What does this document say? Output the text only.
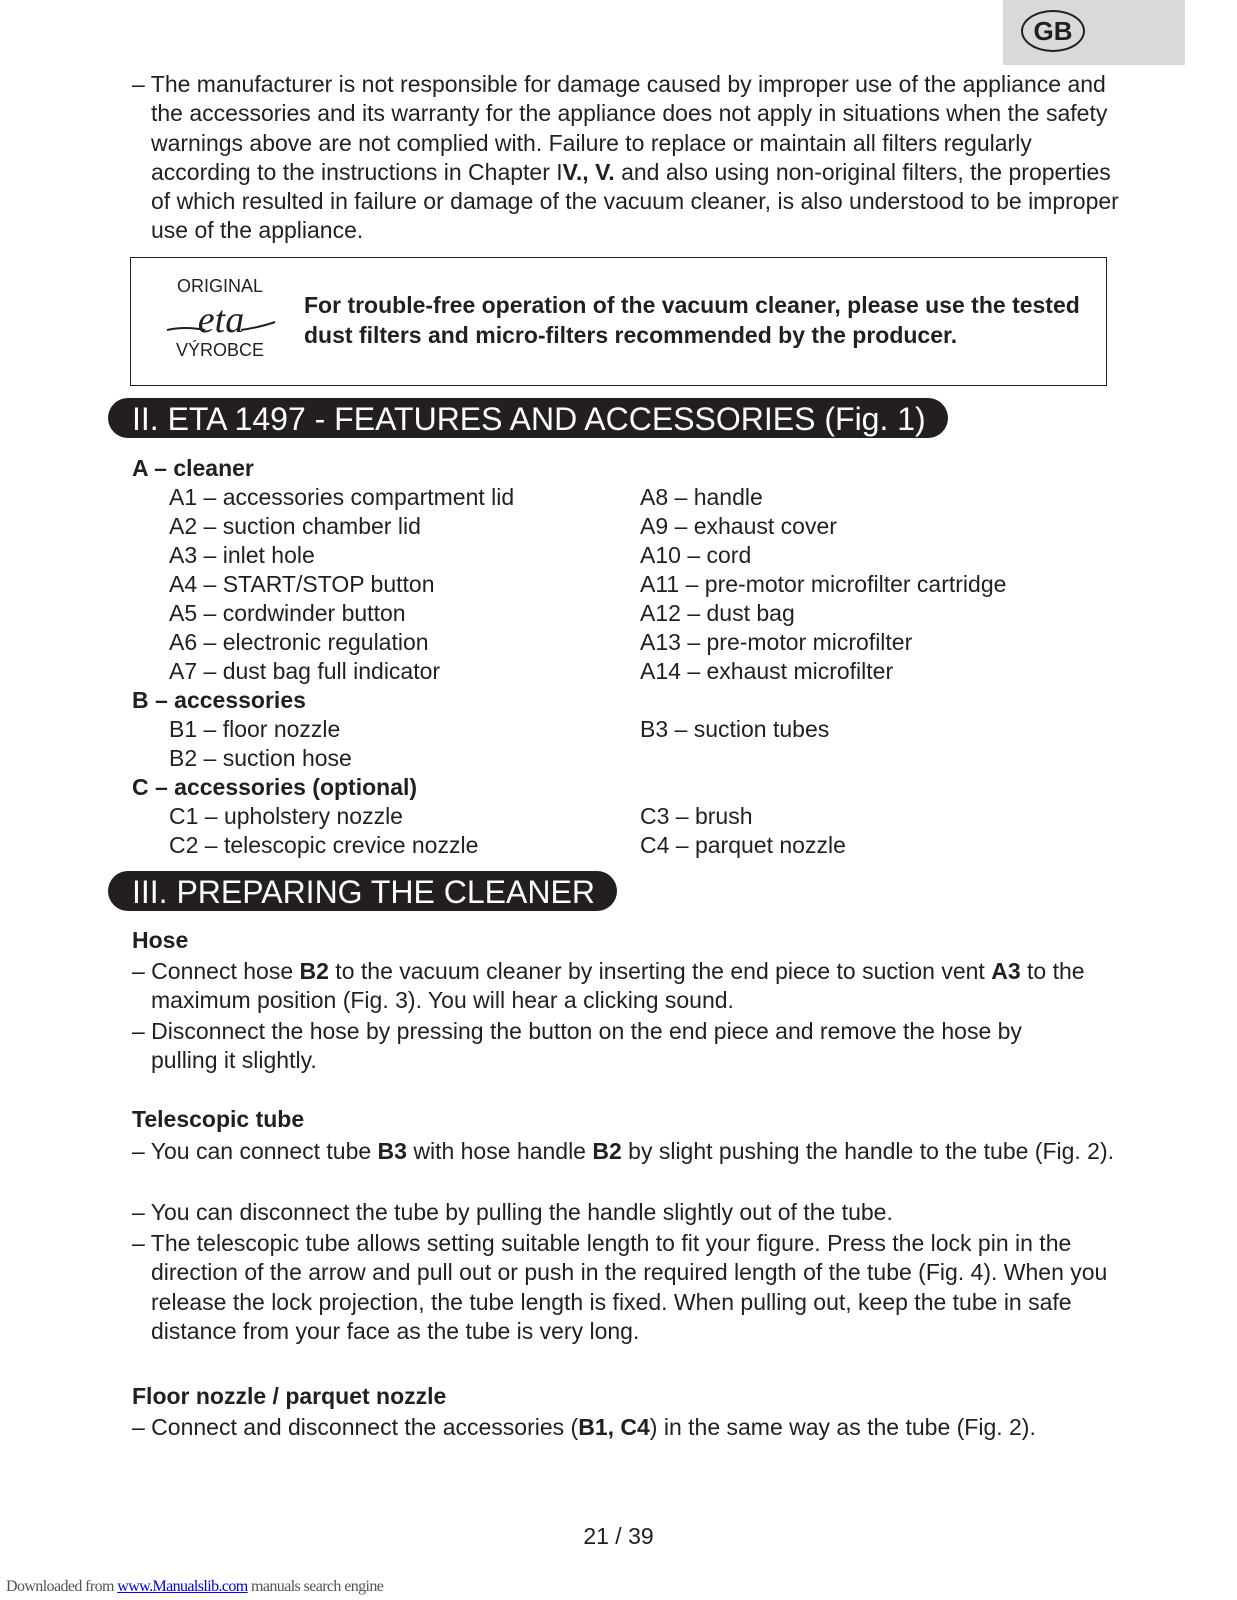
GB
– The manufacturer is not responsible for damage caused by improper use of the appliance and the accessories and its warranty for the appliance does not apply in situations when the safety warnings above are not complied with. Failure to replace or maintain all filters regularly according to the instructions in Chapter IV., V. and also using non-original filters, the properties of which resulted in failure or damage of the vacuum cleaner, is also understood to be improper use of the appliance.
ORIGINAL
eta
VÝROBCE
For trouble-free operation of the vacuum cleaner, please use the tested dust filters and micro-filters recommended by the producer.
II. ETA 1497 - FEATURES AND ACCESSORIES (Fig. 1)
A – cleaner
A1 – accessories compartment lid	A8 – handle
A2 – suction chamber lid	A9 – exhaust cover
A3 – inlet hole	A10 – cord
A4 – START/STOP button	A11 – pre-motor microfilter cartridge
A5 – cordwinder button	A12 – dust bag
A6 – electronic regulation	A13 – pre-motor microfilter
A7 – dust bag full indicator	A14 – exhaust microfilter
B – accessories
B1 – floor nozzle	B3 – suction tubes
B2 – suction hose
C – accessories (optional)
C1 – upholstery nozzle	C3 – brush
C2 – telescopic crevice nozzle	C4 – parquet nozzle
III. PREPARING THE CLEANER
Hose
– Connect hose B2 to the vacuum cleaner by inserting the end piece to suction vent A3 to the maximum position (Fig. 3). You will hear a clicking sound.
– Disconnect the hose by pressing the button on the end piece and remove the hose by pulling it slightly.
Telescopic tube
– You can connect tube B3 with hose handle B2 by slight pushing the handle to the tube (Fig. 2).
– You can disconnect the tube by pulling the handle slightly out of the tube.
– The telescopic tube allows setting suitable length to fit your figure. Press the lock pin in the direction of the arrow and pull out or push in the required length of the tube (Fig. 4). When you release the lock projection, the tube length is fixed. When pulling out, keep the tube in safe distance from your face as the tube is very long.
Floor nozzle / parquet nozzle
– Connect and disconnect the accessories (B1, C4) in the same way as the tube (Fig. 2).
21 / 39
Downloaded from www.Manualslib.com manuals search engine
